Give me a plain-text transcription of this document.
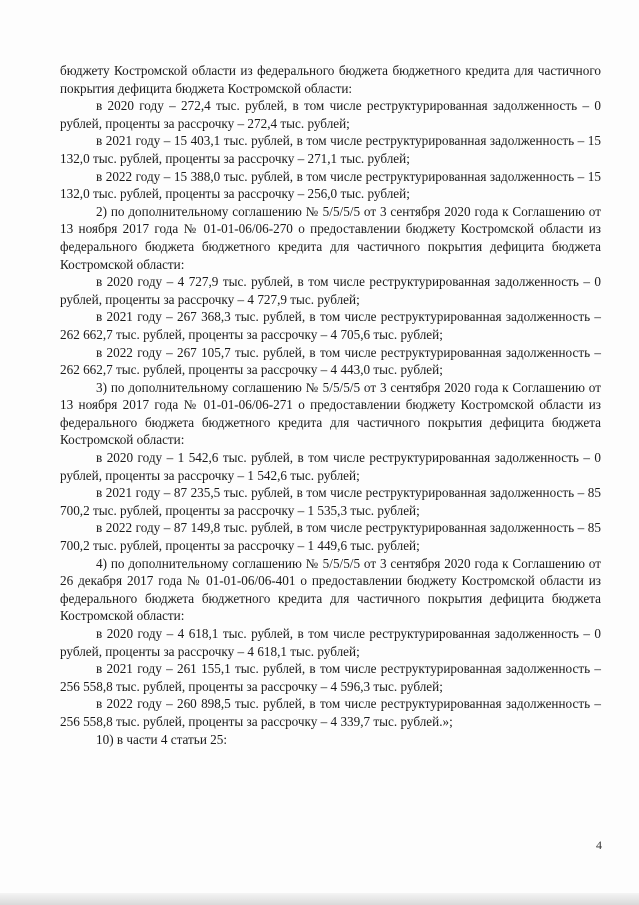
бюджету Костромской области из федерального бюджета бюджетного кредита для частичного покрытия дефицита бюджета Костромской области:

в 2020 году – 272,4 тыс. рублей, в том числе реструктурированная задолженность – 0 рублей, проценты за рассрочку – 272,4 тыс. рублей;

в 2021 году – 15 403,1 тыс. рублей, в том числе реструктурированная задолженность – 15 132,0 тыс. рублей, проценты за рассрочку – 271,1 тыс. рублей;

в 2022 году – 15 388,0 тыс. рублей, в том числе реструктурированная задолженность – 15 132,0 тыс. рублей, проценты за рассрочку – 256,0 тыс. рублей;

2) по дополнительному соглашению № 5/5/5/5 от 3 сентября 2020 года к Соглашению от 13 ноября 2017 года № 01-01-06/06-270 о предоставлении бюджету Костромской области из федерального бюджета бюджетного кредита для частичного покрытия дефицита бюджета Костромской области:

в 2020 году – 4 727,9 тыс. рублей, в том числе реструктурированная задолженность – 0 рублей, проценты за рассрочку – 4 727,9 тыс. рублей;

в 2021 году – 267 368,3 тыс. рублей, в том числе реструктурированная задолженность – 262 662,7 тыс. рублей, проценты за рассрочку – 4 705,6 тыс. рублей;

в 2022 году – 267 105,7 тыс. рублей, в том числе реструктурированная задолженность – 262 662,7 тыс. рублей, проценты за рассрочку – 4 443,0 тыс. рублей;

3) по дополнительному соглашению № 5/5/5/5 от 3 сентября 2020 года к Соглашению от 13 ноября 2017 года № 01-01-06/06-271 о предоставлении бюджету Костромской области из федерального бюджета бюджетного кредита для частичного покрытия дефицита бюджета Костромской области:

в 2020 году – 1 542,6 тыс. рублей, в том числе реструктурированная задолженность – 0 рублей, проценты за рассрочку – 1 542,6 тыс. рублей;

в 2021 году – 87 235,5 тыс. рублей, в том числе реструктурированная задолженность – 85 700,2 тыс. рублей, проценты за рассрочку – 1 535,3 тыс. рублей;

в 2022 году – 87 149,8 тыс. рублей, в том числе реструктурированная задолженность – 85 700,2 тыс. рублей, проценты за рассрочку – 1 449,6 тыс. рублей;

4) по дополнительному соглашению № 5/5/5/5 от 3 сентября 2020 года к Соглашению от 26 декабря 2017 года № 01-01-06/06-401 о предоставлении бюджету Костромской области из федерального бюджета бюджетного кредита для частичного покрытия дефицита бюджета Костромской области:

в 2020 году – 4 618,1 тыс. рублей, в том числе реструктурированная задолженность – 0 рублей, проценты за рассрочку – 4 618,1 тыс. рублей;

в 2021 году – 261 155,1 тыс. рублей, в том числе реструктурированная задолженность – 256 558,8 тыс. рублей, проценты за рассрочку – 4 596,3 тыс. рублей;

в 2022 году – 260 898,5 тыс. рублей, в том числе реструктурированная задолженность – 256 558,8 тыс. рублей, проценты за рассрочку – 4 339,7 тыс. рублей.»;

10) в части 4 статьи 25:

4
